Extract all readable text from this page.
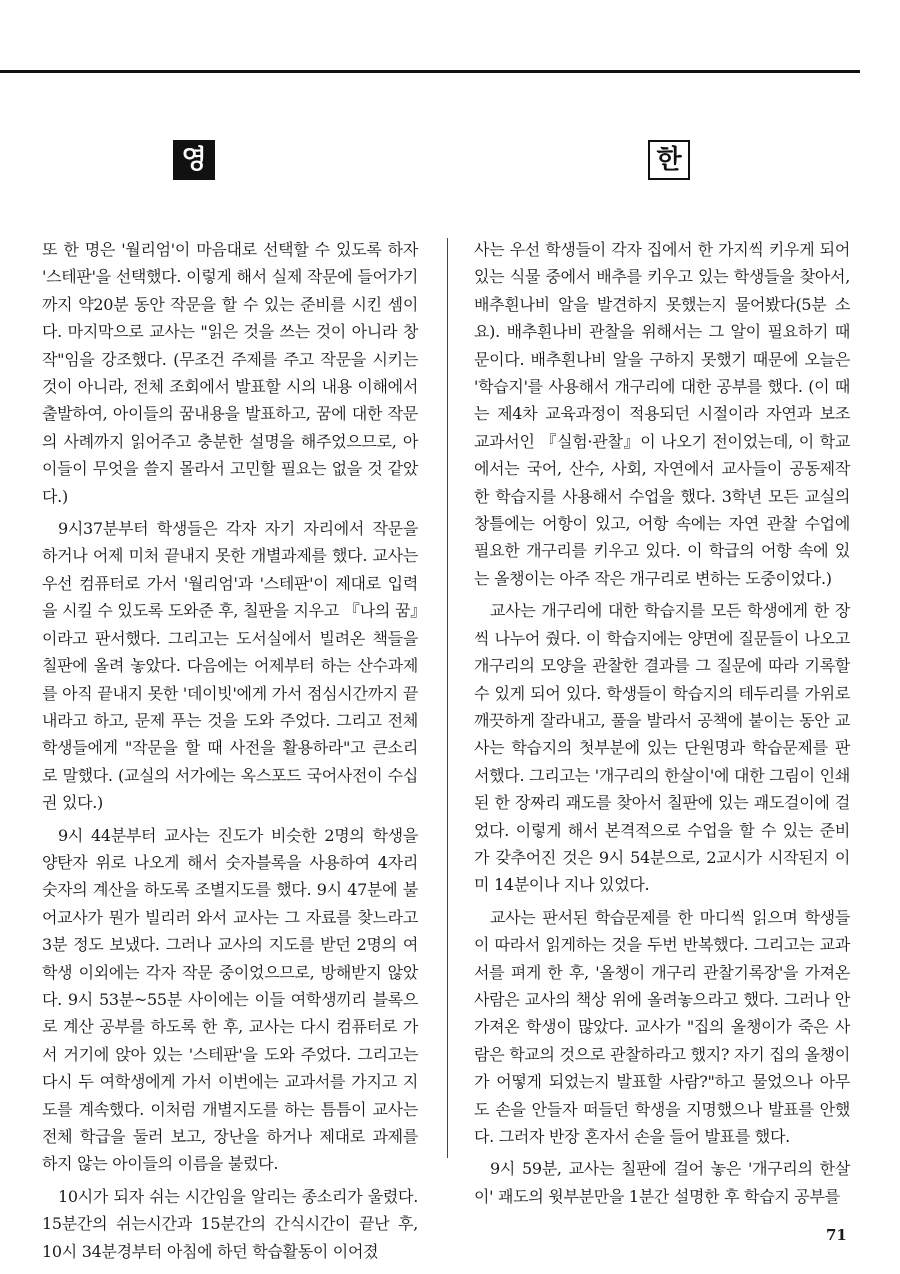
영	한

또 한 명은 '월리엄'이 마음대로 선택할 수 있도록 하자 '스테판'을 선택했다. 이렇게 해서 실제 작문에 들어가기까지 약20분 동안 작문을 할 수 있는 준비를 시킨 셈이다. 마지막으로 교사는 "읽은 것을 쓰는 것이 아니라 창작"임을 강조했다. (무조건 주제를 주고 작문을 시키는 것이 아니라, 전체 조회에서 발표할 시의 내용 이해에서 출발하여, 아이들의 꿈내용을 발표하고, 꿈에 대한 작문의 사례까지 읽어주고 충분한 설명을 해주었으므로, 아이들이 무엇을 쓸지 몰라서 고민할 필요는 없을 것 같았다.)

9시37분부터 학생들은 각자 자기 자리에서 작문을 하거나 어제 미처 끝내지 못한 개별과제를 했다. 교사는 우선 컴퓨터로 가서 '월리엄'과 '스테판'이 제대로 입력을 시킬 수 있도록 도와준 후, 칠판을 지우고 『나의 꿈』이라고 판서했다. 그리고는 도서실에서 빌려온 책들을 칠판에 올려 놓았다. 다음에는 어제부터 하는 산수과제를 아직 끝내지 못한 '데이빗'에게 가서 점심시간까지 끝내라고 하고, 문제 푸는 것을 도와 주었다. 그리고 전체학생들에게 "작문을 할 때 사전을 활용하라"고 큰소리로 말했다. (교실의 서가에는 옥스포드 국어사전이 수십권 있다.)

9시 44분부터 교사는 진도가 비슷한 2명의 학생을 양탄자 위로 나오게 해서 숫자블록을 사용하여 4자리 숫자의 계산을 하도록 조별지도를 했다. 9시 47분에 불어교사가 뭔가 빌리러 와서 교사는 그 자료를 찾느라고 3분 정도 보냈다. 그러나 교사의 지도를 받던 2명의 여학생 이외에는 각자 작문 중이었으므로, 방해받지 않았다. 9시 53분~55분 사이에는 이들 여학생끼리 블록으로 계산 공부를 하도록 한 후, 교사는 다시 컴퓨터로 가서 거기에 앉아 있는 '스테판'을 도와 주었다. 그리고는 다시 두 여학생에게 가서 이번에는 교과서를 가지고 지도를 계속했다. 이처럼 개별지도를 하는 틈틈이 교사는 전체 학급을 둘러 보고, 장난을 하거나 제대로 과제를 하지 않는 아이들의 이름을 불렀다.

10시가 되자 쉬는 시간임을 알리는 종소리가 울렸다. 15분간의 쉬는시간과 15분간의 간식시간이 끝난 후, 10시 34분경부터 아침에 하던 학습활동이 이어졌

사는 우선 학생들이 각자 집에서 한 가지씩 키우게 되어 있는 식물 중에서 배추를 키우고 있는 학생들을 찾아서, 배추흰나비 알을 발견하지 못했는지 물어봤다(5분 소요). 배추흰나비 관찰을 위해서는 그 알이 필요하기 때문이다. 배추흰나비 알을 구하지 못했기 때문에 오늘은 '학습지'를 사용해서 개구리에 대한 공부를 했다. (이 때는 제4차 교육과정이 적용되던 시절이라 자연과 보조 교과서인 『실험·관찰』이 나오기 전이었는데, 이 학교에서는 국어, 산수, 사회, 자연에서 교사들이 공동제작한 학습지를 사용해서 수업을 했다. 3학년 모든 교실의 창틀에는 어항이 있고, 어항 속에는 자연 관찰 수업에 필요한 개구리를 키우고 있다. 이 학급의 어항 속에 있는 올챙이는 아주 작은 개구리로 변하는 도중이었다.)

교사는 개구리에 대한 학습지를 모든 학생에게 한 장씩 나누어 줬다. 이 학습지에는 양면에 질문들이 나오고 개구리의 모양을 관찰한 결과를 그 질문에 따라 기록할 수 있게 되어 있다. 학생들이 학습지의 테두리를 가위로 깨끗하게 잘라내고, 풀을 발라서 공책에 붙이는 동안 교사는 학습지의 첫부분에 있는 단원명과 학습문제를 판서했다. 그리고는 '개구리의 한살이'에 대한 그림이 인쇄된 한 장짜리 괘도를 찾아서 칠판에 있는 괘도걸이에 걸었다. 이렇게 해서 본격적으로 수업을 할 수 있는 준비가 갖추어진 것은 9시 54분으로, 2교시가 시작된지 이미 14분이나 지나 있었다.

교사는 판서된 학습문제를 한 마디씩 읽으며 학생들이 따라서 읽게하는 것을 두번 반복했다. 그리고는 교과서를 펴게 한 후, '올챙이 개구리 관찰기록장'을 가져온 사람은 교사의 책상 위에 올려놓으라고 했다. 그러나 안 가져온 학생이 많았다. 교사가 "집의 올챙이가 죽은 사람은 학교의 것으로 관찰하라고 했지? 자기 집의 올챙이가 어떻게 되었는지 발표할 사람?"하고 물었으나 아무도 손을 안들자 떠들던 학생을 지명했으나 발표를 안했다. 그러자 반장 혼자서 손을 들어 발표를 했다.

9시 59분, 교사는 칠판에 걸어 놓은 '개구리의 한살이' 괘도의 윗부분만을 1분간 설명한 후 학습지 공부를

71
